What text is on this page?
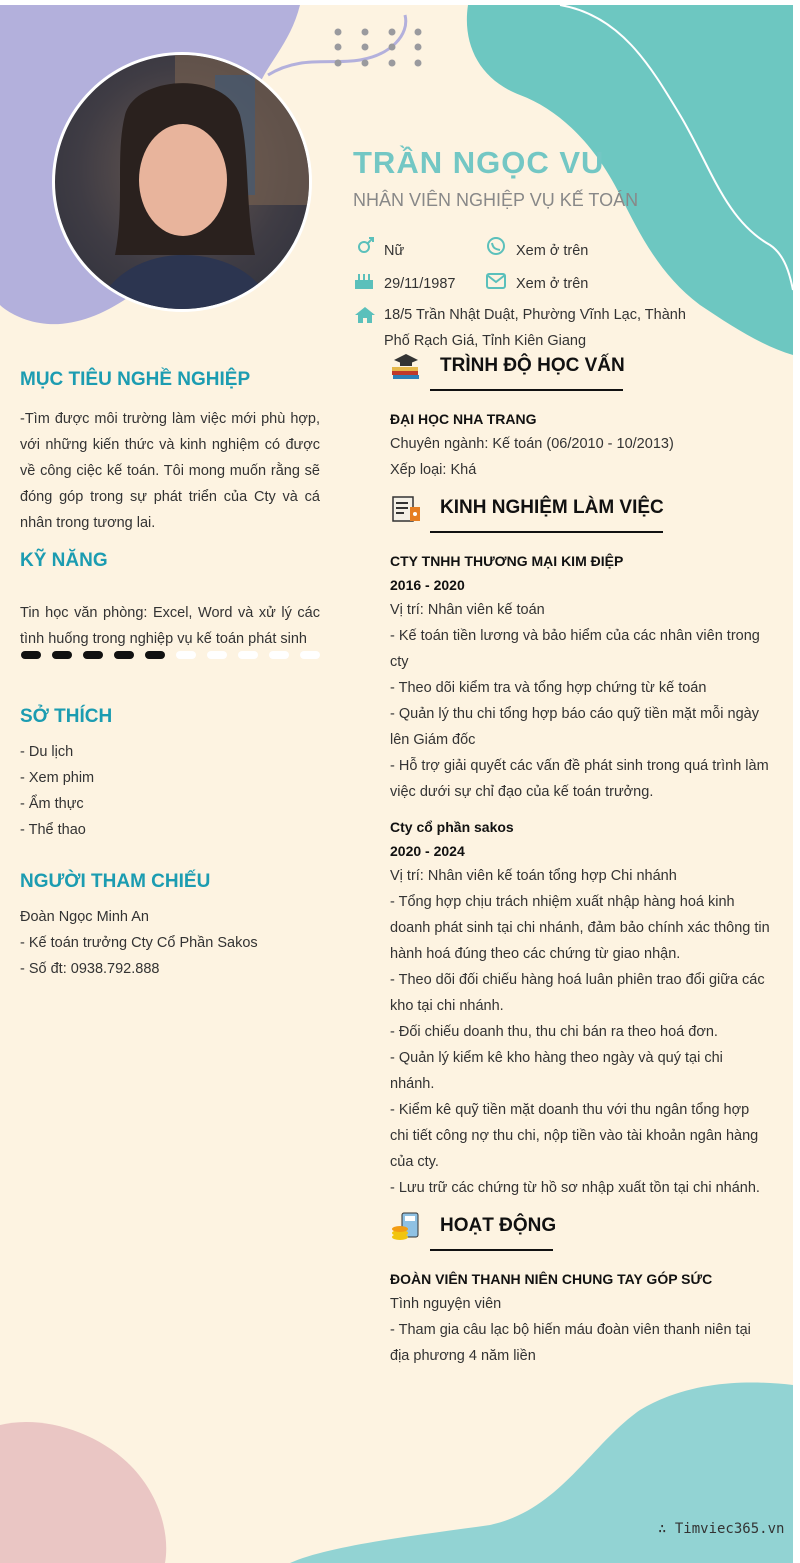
TRẦN NGỌC VU
NHÂN VIÊN NGHIỆP VỤ KẾ TOÁN
Nữ	Xem ở trên
29/11/1987	Xem ở trên
18/5 Trần Nhật Duật, Phường Vĩnh Lạc, Thành Phố Rạch Giá, Tỉnh Kiên Giang
MỤC TIÊU NGHỀ NGHIỆP
-Tìm được môi trường làm việc mới phù hợp, với những kiến thức và kinh nghiệm có được về công ciệc kế toán. Tôi mong muốn rằng sẽ đóng góp trong sự phát triển của Cty và cá nhân trong tương lai.
KỸ NĂNG
Tin học văn phòng: Excel, Word và xử lý các tình huống trong nghiệp vụ kế toán phát sinh
SỞ THÍCH
- Du lịch
- Xem phim
- Ẩm thực
- Thể thao
NGƯỜI THAM CHIẾU
Đoàn Ngọc Minh An
- Kế toán trưởng Cty Cổ Phần Sakos
- Số đt: 0938.792.888
TRÌNH ĐỘ HỌC VẤN
ĐẠI HỌC NHA TRANG
Chuyên ngành: Kế toán (06/2010 - 10/2013)
Xếp loại: Khá
KINH NGHIỆM LÀM VIỆC
CTY TNHH THƯƠNG MẠI KIM ĐIỆP
2016 - 2020
Vị trí: Nhân viên kế toán
- Kế toán tiền lương và bảo hiểm của các nhân viên trong cty
- Theo dõi kiểm tra và tổng hợp chứng từ kế toán
- Quản lý thu chi tổng hợp báo cáo quỹ tiền mặt mỗi ngày lên Giám đốc
- Hỗ trợ giải quyết các vấn đề phát sinh trong quá trình làm việc dưới sự chỉ đạo của kế toán trưởng.
Cty cổ phần sakos
2020 - 2024
Vị trí: Nhân viên kế toán tổng hợp Chi nhánh
- Tổng hợp chịu trách nhiệm xuất nhập hàng hoá kinh doanh phát sinh tại chi nhánh, đảm bảo chính xác thông tin hành hoá đúng theo các chứng từ giao nhận.
- Theo dõi đối chiếu hàng hoá luân phiên trao đổi giữa các kho tại chi nhánh.
- Đối chiếu doanh thu, thu chi bán ra theo hoá đơn.
- Quản lý kiểm kê kho hàng theo ngày và quý tại chi nhánh.
- Kiểm kê quỹ tiền mặt doanh thu với thu ngân tổng hợp chi tiết công nợ thu chi, nộp tiền vào tài khoản ngân hàng của cty.
- Lưu trữ các chứng từ hồ sơ nhập xuất tồn tại chi nhánh.
HOẠT ĐỘNG
ĐOÀN VIÊN THANH NIÊN CHUNG TAY GÓP SỨC
Tình nguyện viên
- Tham gia câu lạc bộ hiến máu đoàn viên thanh niên tại địa phương 4 năm liền
∴ Timviec365.vn
